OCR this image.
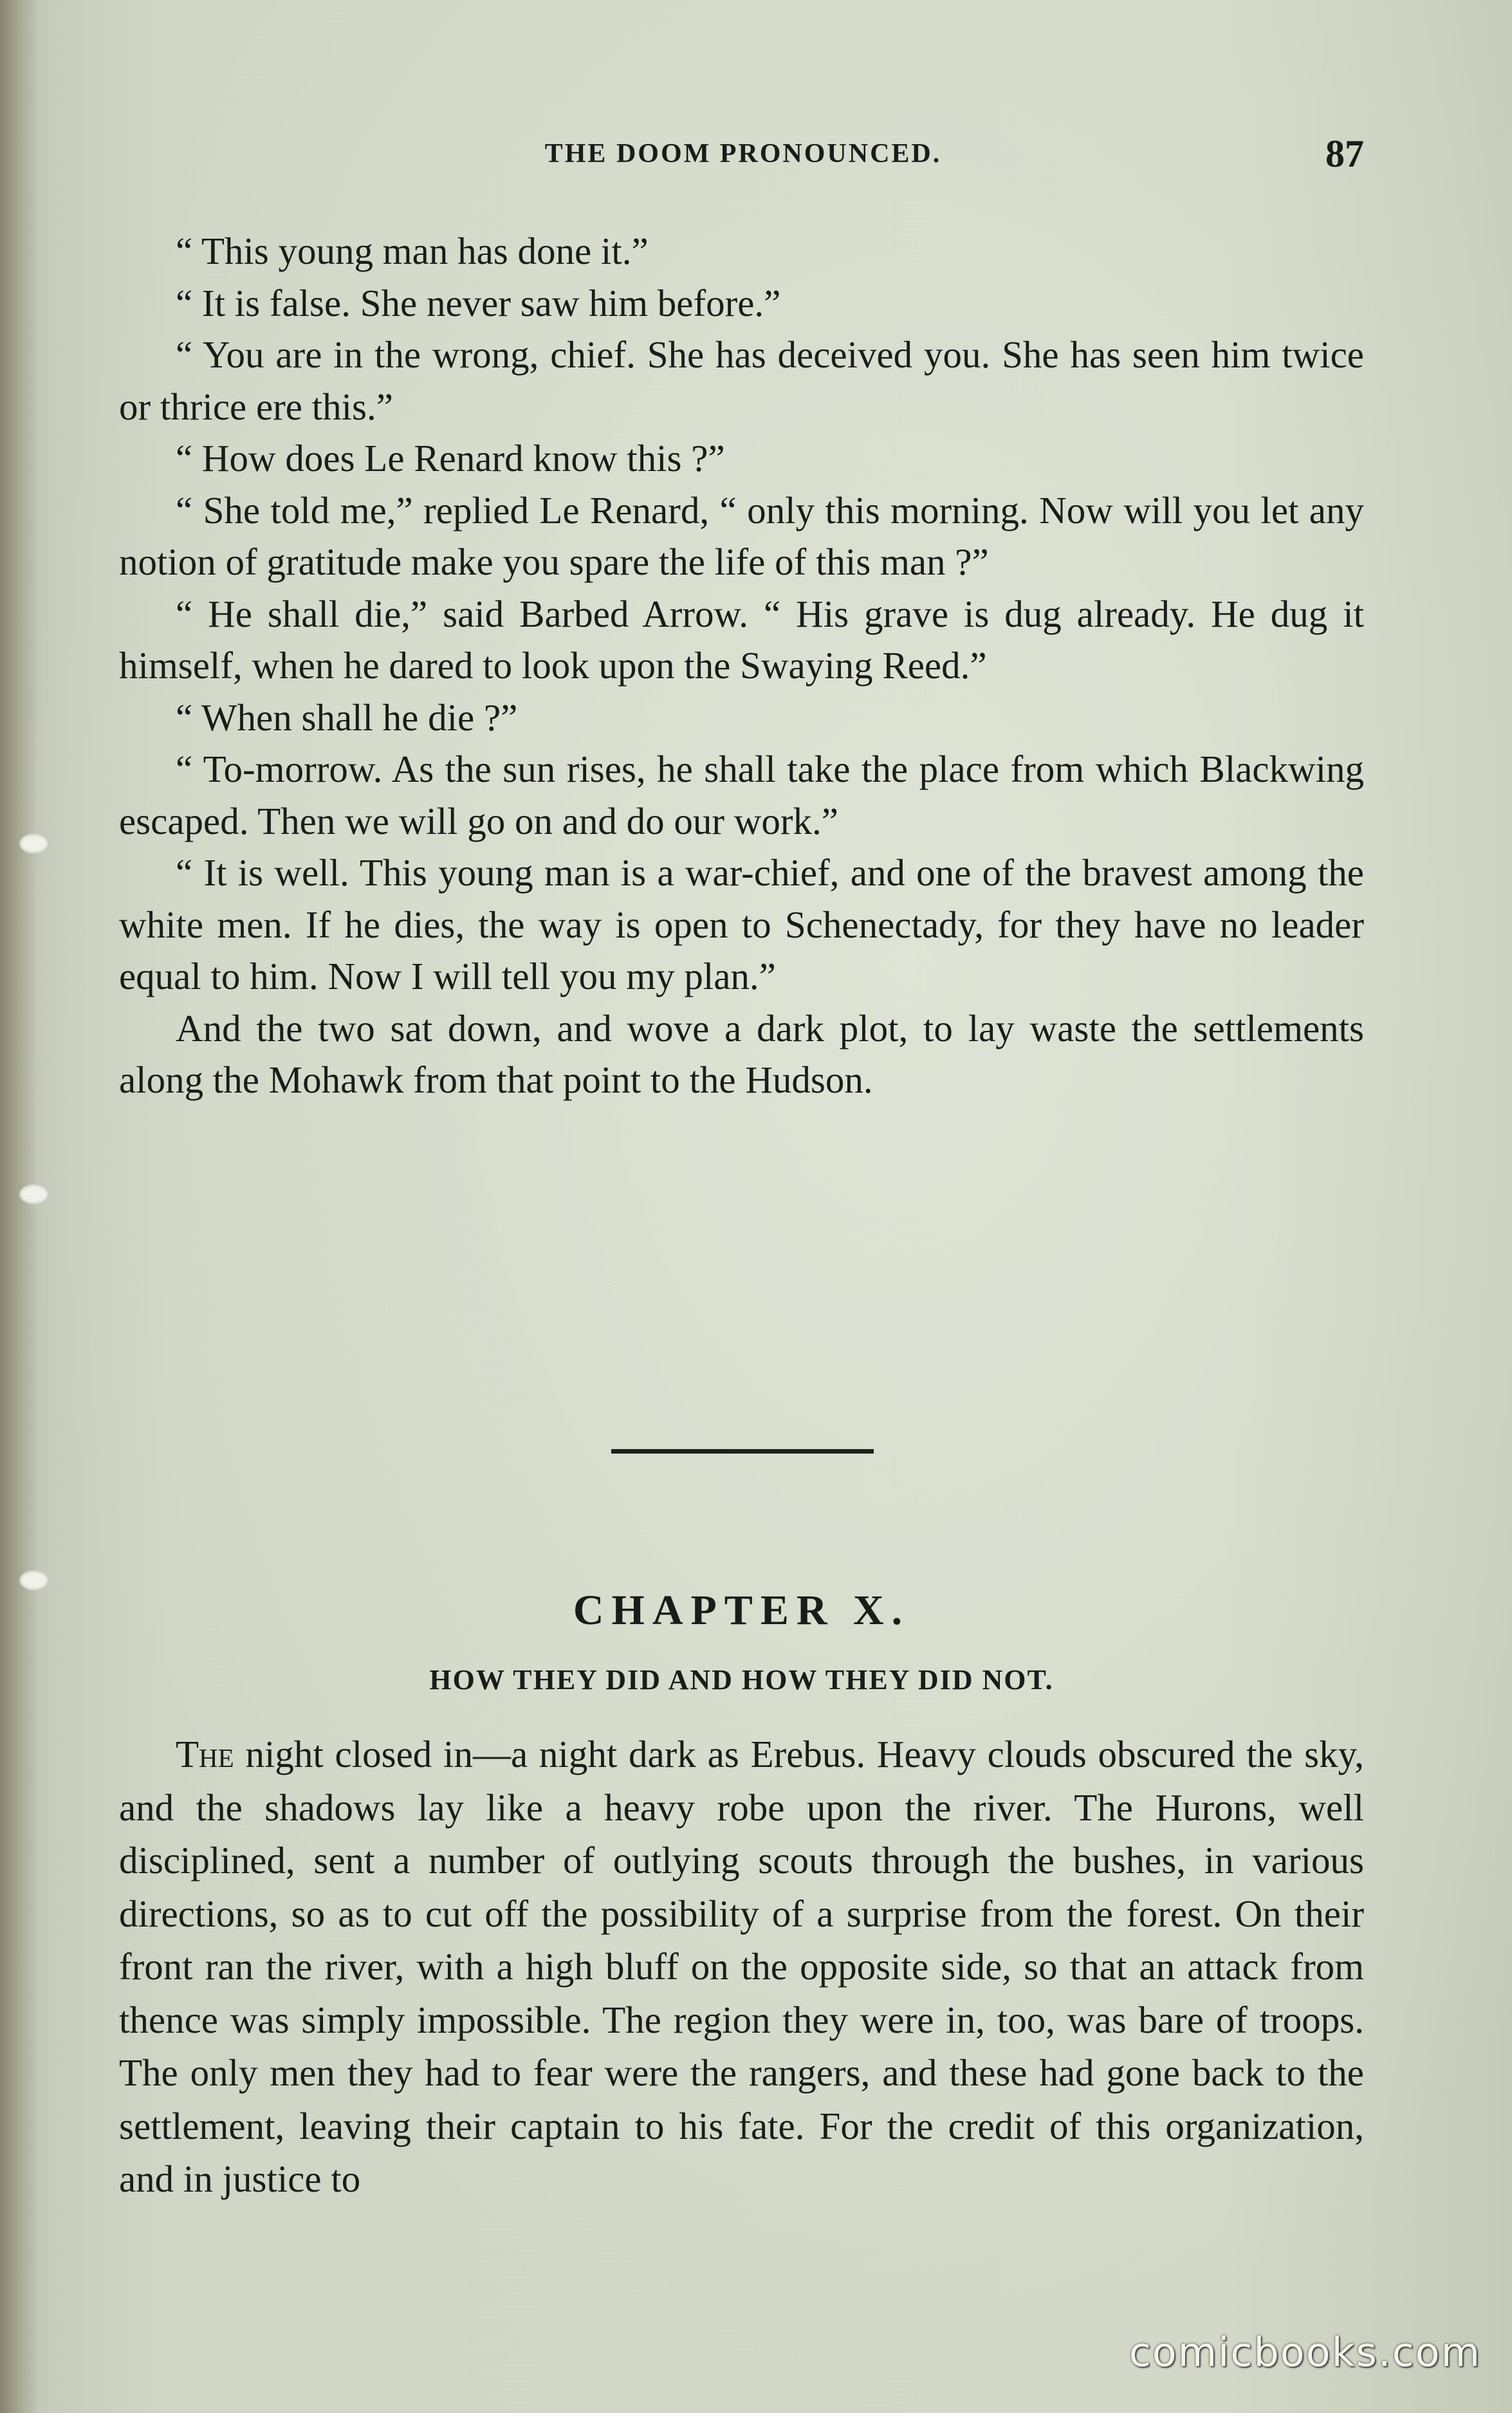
THE DOOM PRONOUNCED.	87

“ This young man has done it.”

“ It is false. She never saw him before.”

“ You are in the wrong, chief. She has deceived you. She has seen him twice or thrice ere this.”

“ How does Le Renard know this ?”

“ She told me,” replied Le Renard, “ only this morning. Now will you let any notion of gratitude make you spare the life of this man ?”

“ He shall die,” said Barbed Arrow. “ His grave is dug already. He dug it himself, when he dared to look upon the Swaying Reed.”

“ When shall he die ?”

“ To-morrow. As the sun rises, he shall take the place from which Blackwing escaped. Then we will go on and do our work.”

“ It is well. This young man is a war-chief, and one of the bravest among the white men. If he dies, the way is open to Schenectady, for they have no leader equal to him. Now I will tell you my plan.”

And the two sat down, and wove a dark plot, to lay waste the settlements along the Mohawk from that point to the Hudson.

CHAPTER X.
HOW THEY DID AND HOW THEY DID NOT.

The night closed in—a night dark as Erebus. Heavy clouds obscured the sky, and the shadows lay like a heavy robe upon the river. The Hurons, well disciplined, sent a number of outlying scouts through the bushes, in various directions, so as to cut off the possibility of a surprise from the forest. On their front ran the river, with a high bluff on the opposite side, so that an attack from thence was simply impossible. The region they were in, too, was bare of troops. The only men they had to fear were the rangers, and these had gone back to the settlement, leaving their captain to his fate. For the credit of this organization, and in justice to

comicbooks.com
